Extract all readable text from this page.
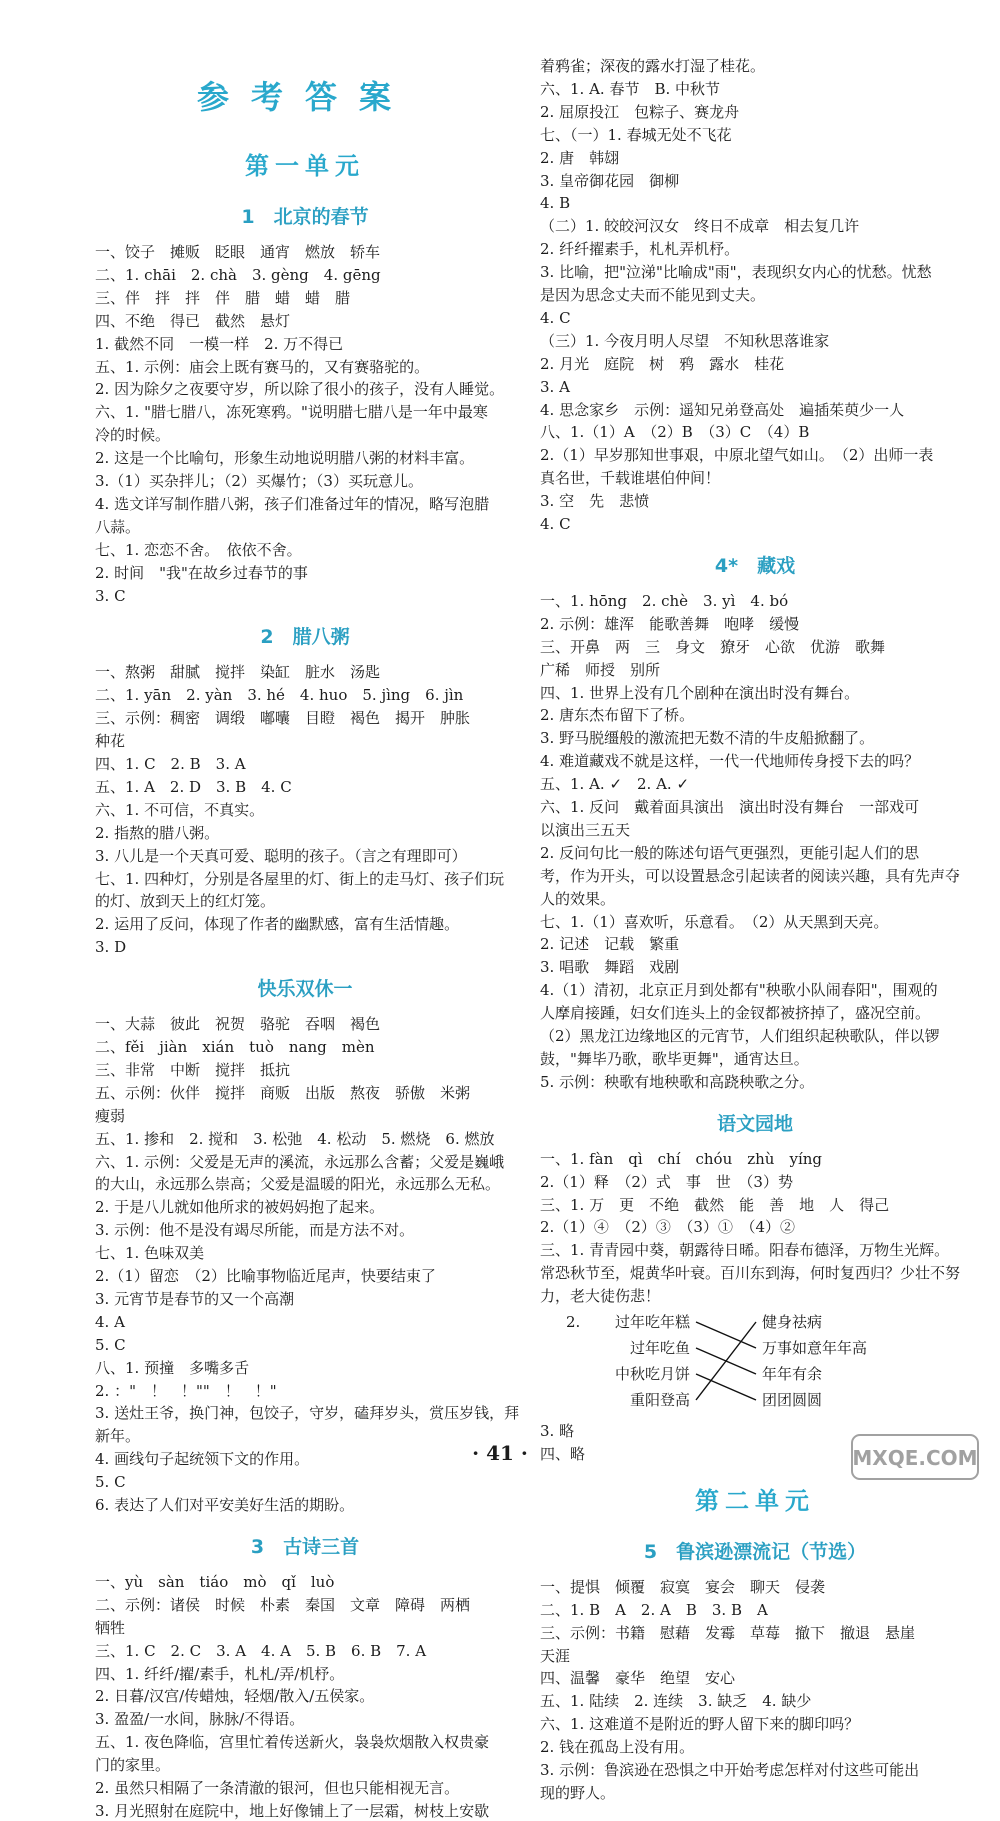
参考答案
第一单元
1　北京的春节
一、饺子　摊贩　眨眼　通宵　燃放　轿车
二、1. chāi　2. chà　3. gèng　4. gēng
三、伴　拌　拌　伴　腊　蜡　蜡　腊
四、不绝　得已　截然　悬灯
1. 截然不同　一模一样　2. 万不得已
五、1. 示例：庙会上既有赛马的，又有赛骆驼的。
2. 因为除夕之夜要守岁，所以除了很小的孩子，没有人睡觉。
六、1. "腊七腊八，冻死寒鸦。"说明腊七腊八是一年中最寒
冷的时候。
2. 这是一个比喻句，形象生动地说明腊八粥的材料丰富。
3.（1）买杂拌儿；（2）买爆竹；（3）买玩意儿。
4. 选文详写制作腊八粥，孩子们准备过年的情况，略写泡腊
八蒜。
七、1. 恋恋不舍。　依依不舍。
2. 时间　"我"在故乡过春节的事
3. C
2　腊八粥
一、熬粥　甜腻　搅拌　染缸　脏水　汤匙
二、1. yān　2. yàn　3. hé　4. huo　5. jìng　6. jìn
三、示例：稠密　调缎　嘟囔　目瞪　褐色　揭开　肿胀
种花
四、1. C　2. B　3. A
五、1. A　2. D　3. B　4. C
六、1. 不可信，不真实。
2. 指熬的腊八粥。
3. 八儿是一个天真可爱、聪明的孩子。（言之有理即可）
七、1. 四种灯，分别是各屋里的灯、街上的走马灯、孩子们玩
的灯、放到天上的红灯笼。
2. 运用了反问，体现了作者的幽默感，富有生活情趣。
3. D
快乐双休一
一、大蒜　彼此　祝贺　骆驼　吞咽　褐色
二、fěi　jiàn　xián　tuò　nang　mèn
三、非常　中断　搅拌　抵抗
五、示例：伙伴　搅拌　商贩　出版　熬夜　骄傲　米粥
瘦弱
五、1. 掺和　2. 搅和　3. 松弛　4. 松动　5. 燃烧　6. 燃放
六、1. 示例：父爱是无声的溪流，永远那么含蓄；父爱是巍峨
的大山，永远那么崇高；父爱是温暖的阳光，永远那么无私。
2. 于是八儿就如他所求的被妈妈抱了起来。
3. 示例：他不是没有竭尽所能，而是方法不对。
七、1. 色味双美
2.（1）留恋　（2）比喻事物临近尾声，快要结束了
3. 元宵节是春节的又一个高潮
4. A
5. C
八、1. 预撞　多嘴多舌
2. ："　！　！""　！　！"
3. 送灶王爷，换门神，包饺子，守岁，磕拜岁头，赏压岁钱，拜
新年。
4. 画线句子起统领下文的作用。
5. C
6. 表达了人们对平安美好生活的期盼。
3　古诗三首
一、yù　sàn　tiáo　mò　qǐ　luò
二、示例：诸侯　时候　朴素　秦国　文章　障碍　两栖
牺牲
三、1. C　2. C　3. A　4. A　5. B　6. B　7. A
四、1. 纤纤/擢/素手，札札/弄/机杼。
2. 日暮/汉宫/传蜡烛，轻烟/散入/五侯家。
3. 盈盈/一水间，脉脉/不得语。
五、1. 夜色降临，宫里忙着传送新火，袅袅炊烟散入权贵豪
门的家里。
2. 虽然只相隔了一条清澈的银河，但也只能相视无言。
3. 月光照射在庭院中，地上好像铺上了一层霜，树枝上安歇
着鸦雀；深夜的露水打湿了桂花。
六、1. A. 春节　B. 中秋节
2. 屈原投江　包粽子、赛龙舟
七、（一）1. 春城无处不飞花
2. 唐　韩翃
3. 皇帝御花园　御柳
4. B
（二）1. 皎皎河汉女　终日不成章　相去复几许
2. 纤纤擢素手，札札弄机杼。
3. 比喻，把"泣涕"比喻成"雨"，表现织女内心的忧愁。忧愁
是因为思念丈夫而不能见到丈夫。
4. C
（三）1. 今夜月明人尽望　不知秋思落谁家
2. 月光　庭院　树　鸦　露水　桂花
3. A
4. 思念家乡　示例：遥知兄弟登高处　遍插茱萸少一人
八、1.（1）A　（2）B　（3）C　（4）B
2.（1）早岁那知世事艰，中原北望气如山。　（2）出师一表
真名世，千载谁堪伯仲间！
3. 空　先　悲愤
4. C
4*　藏戏
一、1. hōng　2. chè　3. yì　4. bó
2. 示例：雄浑　能歌善舞　咆哮　缓慢
三、开鼻　两　三　身文　獠牙　心欲　优游　歌舞
广稀　师授　别所
四、1. 世界上没有几个剧种在演出时没有舞台。
2. 唐东杰布留下了桥。
3. 野马脱缰般的激流把无数不清的牛皮船掀翻了。
4. 难道藏戏不就是这样，一代一代地师传身授下去的吗？
五、1. A. ✓　2. A. ✓
六、1. 反问　戴着面具演出　演出时没有舞台　一部戏可
以演出三五天
2. 反问句比一般的陈述句语气更强烈，更能引起人们的思
考，作为开头，可以设置悬念引起读者的阅读兴趣，具有先声夺
人的效果。
七、1.（1）喜欢听，乐意看。　（2）从天黑到天亮。
2. 记述　记载　繁重
3. 唱歌　舞蹈　戏剧
4.（1）清初，北京正月到处都有"秧歌小队闹春阳"，围观的
人摩肩接踵，妇女们连头上的金钗都被挤掉了，盛况空前。
（2）黑龙江边缘地区的元宵节，人们组织起秧歌队，伴以锣
鼓，"舞毕乃歌，歌毕更舞"，通宵达旦。
5. 示例：秧歌有地秧歌和高跷秧歌之分。
语文园地
一、1. fàn　qì　chí　chóu　zhù　yíng
2.（1）释　（2）式　事　世　（3）势
三、1. 万　更　不绝　截然　能　善　地　人　得己
2.（1）④　（2）③　（3）①　（4）②
三、1. 青青园中葵，朝露待日晞。阳春布德泽，万物生光辉。
常恐秋节至，焜黄华叶衰。百川东到海，何时复西归？少壮不努
力，老大徒伤悲！
3. 略
四、略
第二单元
5　鲁滨逊漂流记（节选）
一、提惧　倾覆　寂寞　宴会　聊天　侵袭
二、1. B　A　2. A　B　3. B　A
三、示例：书籍　慰藉　发霉　草莓　撤下　撤退　悬崖
天涯
四、温馨　豪华　绝望　安心
五、1. 陆续　2. 连续　3. 缺乏　4. 缺少
六、1. 这难道不是附近的野人留下来的脚印吗？
2. 钱在孤岛上没有用。
3. 示例：鲁滨逊在恐惧之中开始考虑怎样对付这些可能出
现的野人。
2. 过年吃年糕
过年吃鱼
中秋吃月饼
重阳登高
健身祛病
万事如意年年高
年年有余
团团圆圆
· 41 ·	MXQE.COM
